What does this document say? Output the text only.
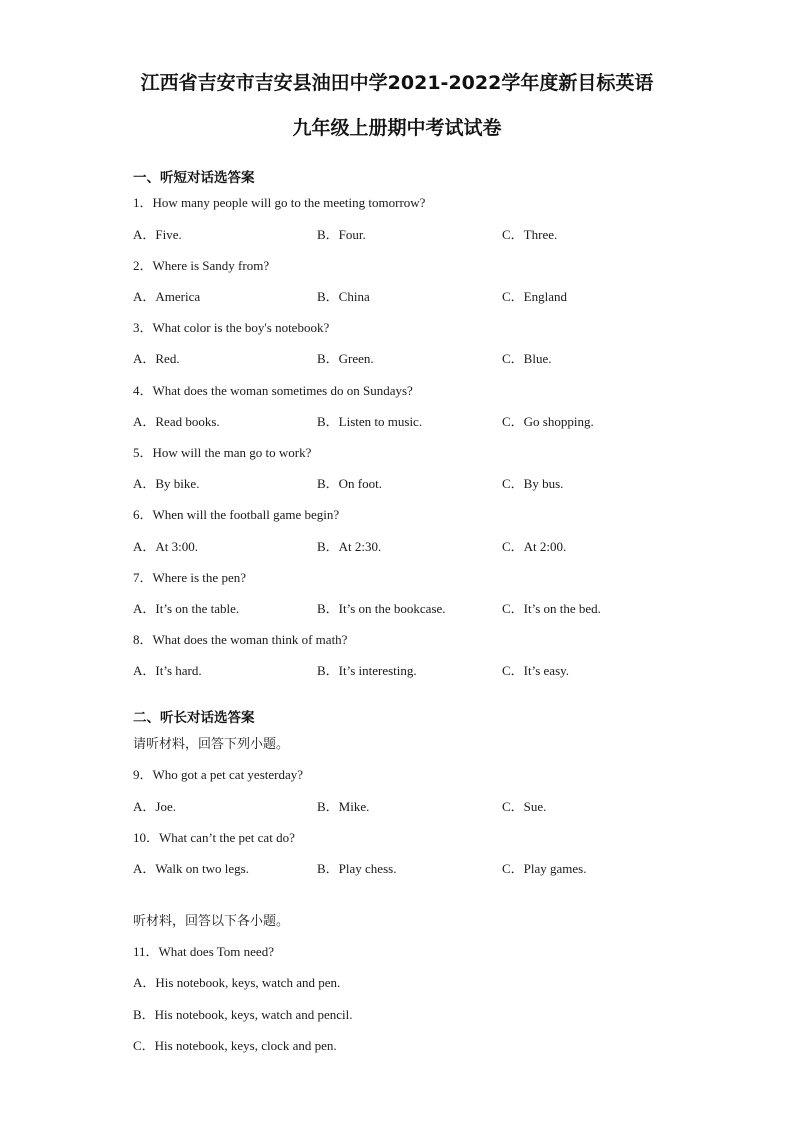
江西省吉安市吉安县油田中学2021-2022学年度新目标英语
九年级上册期中考试试卷
一、听短对话选答案
1．How many people will go to the meeting tomorrow?
A．Five.	B．Four.	C．Three.
2．Where is Sandy from?
A．America	B．China	C．England
3．What color is the boy's notebook?
A．Red.	B．Green.	C．Blue.
4．What does the woman sometimes do on Sundays?
A．Read books.	B．Listen to music.	C．Go shopping.
5．How will the man go to work?
A．By bike.	B．On foot.	C．By bus.
6．When will the football game begin?
A．At 3:00.	B．At 2:30.	C．At 2:00.
7．Where is the pen?
A．It’s on the table.	B．It’s on the bookcase.	C．It’s on the bed.
8．What does the woman think of math?
A．It’s hard.	B．It’s interesting.	C．It’s easy.
二、听长对话选答案
请听材料，回答下列小题。
9．Who got a pet cat yesterday?
A．Joe.	B．Mike.	C．Sue.
10．What can’t the pet cat do?
A．Walk on two legs.	B．Play chess.	C．Play games.
听材料，回答以下各小题。
11．What does Tom need?
A．His notebook, keys, watch and pen.
B．His notebook, keys, watch and pencil.
C．His notebook, keys, clock and pen.
